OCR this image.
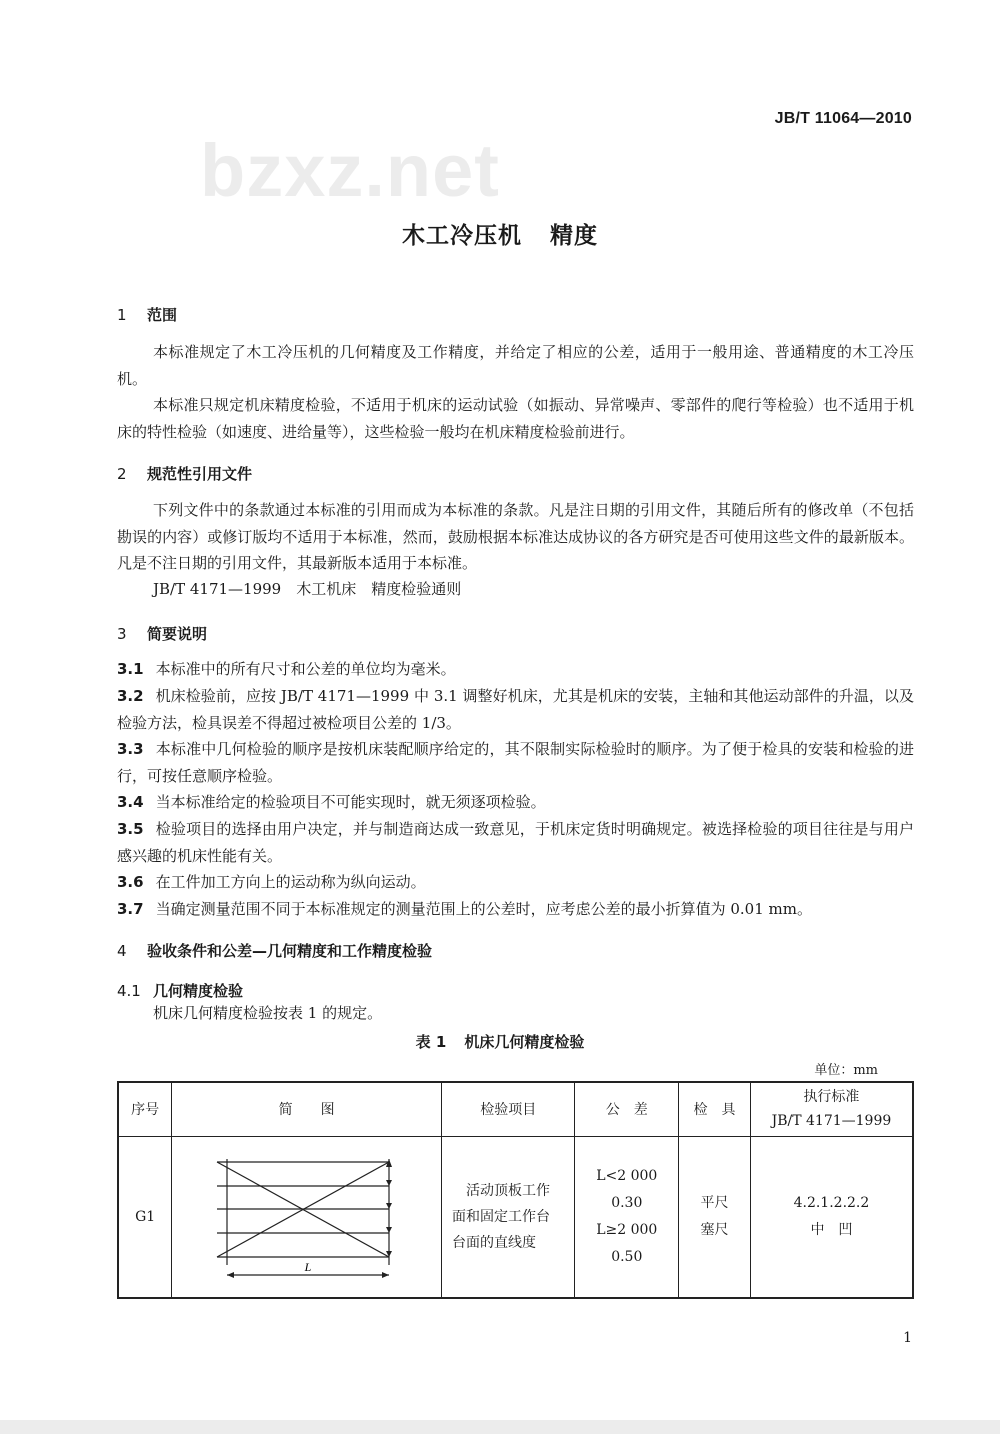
JB/T 11064—2010
bzxz.net
木工冷压机 精度
1 范围
本标准规定了木工冷压机的几何精度及工作精度，并给定了相应的公差，适用于一般用途、普通精度的木工冷压机。
本标准只规定机床精度检验，不适用于机床的运动试验（如振动、异常噪声、零部件的爬行等检验）也不适用于机床的特性检验（如速度、进给量等），这些检验一般均在机床精度检验前进行。
2 规范性引用文件
下列文件中的条款通过本标准的引用而成为本标准的条款。凡是注日期的引用文件，其随后所有的修改单（不包括勘误的内容）或修订版均不适用于本标准，然而，鼓励根据本标准达成协议的各方研究是否可使用这些文件的最新版本。凡是不注日期的引用文件，其最新版本适用于本标准。
JB/T 4171—1999　木工机床　精度检验通则
3 简要说明
3.1 本标准中的所有尺寸和公差的单位均为毫米。
3.2 机床检验前，应按 JB/T 4171—1999 中 3.1 调整好机床，尤其是机床的安装，主轴和其他运动部件的升温，以及检验方法，检具误差不得超过被检项目公差的 1/3。
3.3 本标准中几何检验的顺序是按机床装配顺序给定的，其不限制实际检验时的顺序。为了便于检具的安装和检验的进行，可按任意顺序检验。
3.4 当本标准给定的检验项目不可能实现时，就无须逐项检验。
3.5 检验项目的选择由用户决定，并与制造商达成一致意见，于机床定货时明确规定。被选择检验的项目往往是与用户感兴趣的机床性能有关。
3.6 在工件加工方向上的运动称为纵向运动。
3.7 当确定测量范围不同于本标准规定的测量范围上的公差时，应考虑公差的最小折算值为 0.01 mm。
4 验收条件和公差—几何精度和工作精度检验
4.1 几何精度检验
机床几何精度检验按表 1 的规定。
表 1 机床几何精度检验
单位：mm
序号	简　　图	检验项目	公　差	检　具	执行标准
JB/T 4171—1999

G1	L	　活动顶板工作
面和固定工作台
台面的直线度	L<2 000
0.30
L≥2 000
0.50	平尺
塞尺	4.2.1.2.2.2
中　凹
1
